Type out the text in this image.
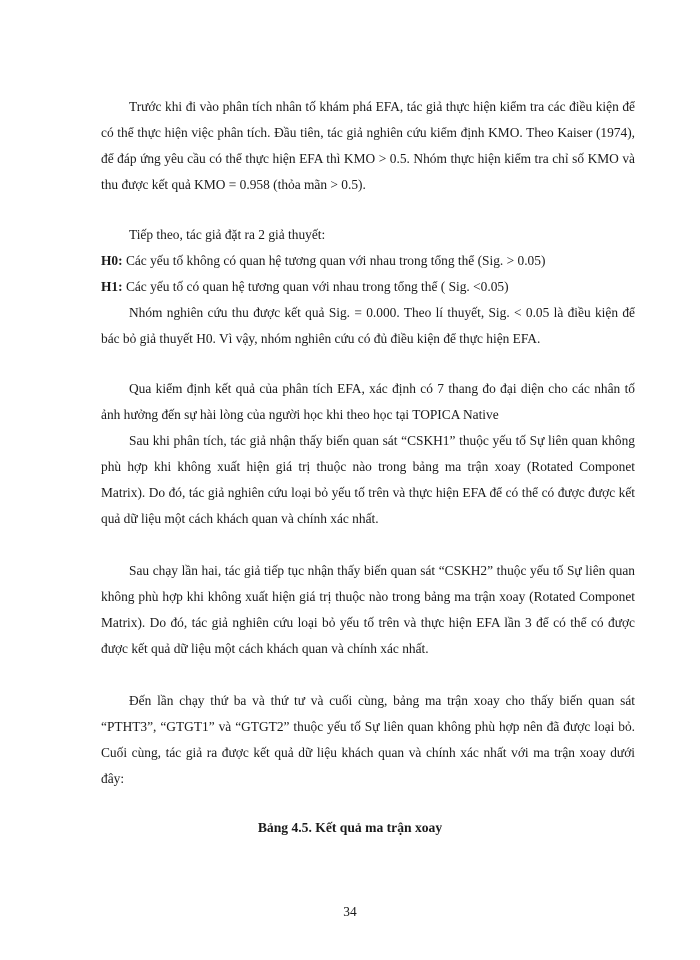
Trước khi đi vào phân tích nhân tố khám phá EFA, tác giả thực hiện kiểm tra các điều kiện để có thể thực hiện việc phân tích. Đầu tiên, tác giả nghiên cứu kiểm định KMO. Theo Kaiser (1974), để đáp ứng yêu cầu có thể thực hiện EFA thì KMO > 0.5. Nhóm thực hiện kiểm tra chỉ số KMO và thu được kết quả KMO = 0.958 (thỏa mãn > 0.5).

Tiếp theo, tác giả đặt ra 2 giả thuyết:

H0: Các yếu tố không có quan hệ tương quan với nhau trong tổng thể (Sig. > 0.05)

H1: Các yếu tố có quan hệ tương quan với nhau trong tổng thể ( Sig. <0.05)

Nhóm nghiên cứu thu được kết quả Sig. = 0.000. Theo lí thuyết, Sig. < 0.05 là điều kiện để bác bỏ giả thuyết H0. Vì vậy, nhóm nghiên cứu có đủ điều kiện để thực hiện EFA.

Qua kiểm định kết quả của phân tích EFA, xác định có 7 thang đo đại diện cho các nhân tố ảnh hưởng đến sự hài lòng của người học khi theo học tại TOPICA Native

Sau khi phân tích, tác giả nhận thấy biến quan sát “CSKH1” thuộc yếu tố Sự liên quan không phù hợp khi không xuất hiện giá trị thuộc nào trong bảng ma trận xoay (Rotated Componet Matrix). Do đó, tác giả nghiên cứu loại bỏ yếu tố trên và thực hiện EFA để có thể có được được kết quả dữ liệu một cách khách quan và chính xác nhất.

Sau chạy lần hai, tác giả tiếp tục nhận thấy biến quan sát “CSKH2” thuộc yếu tố Sự liên quan không phù hợp khi không xuất hiện giá trị thuộc nào trong bảng ma trận xoay (Rotated Componet Matrix). Do đó, tác giả nghiên cứu loại bỏ yếu tố trên và thực hiện EFA lần 3 để có thể có được được kết quả dữ liệu một cách khách quan và chính xác nhất.

Đến lần chạy thứ ba và thứ tư và cuối cùng, bảng ma trận xoay cho thấy biến quan sát “PTHT3”, “GTGT1” và “GTGT2” thuộc yếu tố Sự liên quan không phù hợp nên đã được loại bỏ. Cuối cùng, tác giả ra được kết quả dữ liệu khách quan và chính xác nhất với ma trận xoay dưới đây:

Bảng 4.5. Kết quả ma trận xoay

34
